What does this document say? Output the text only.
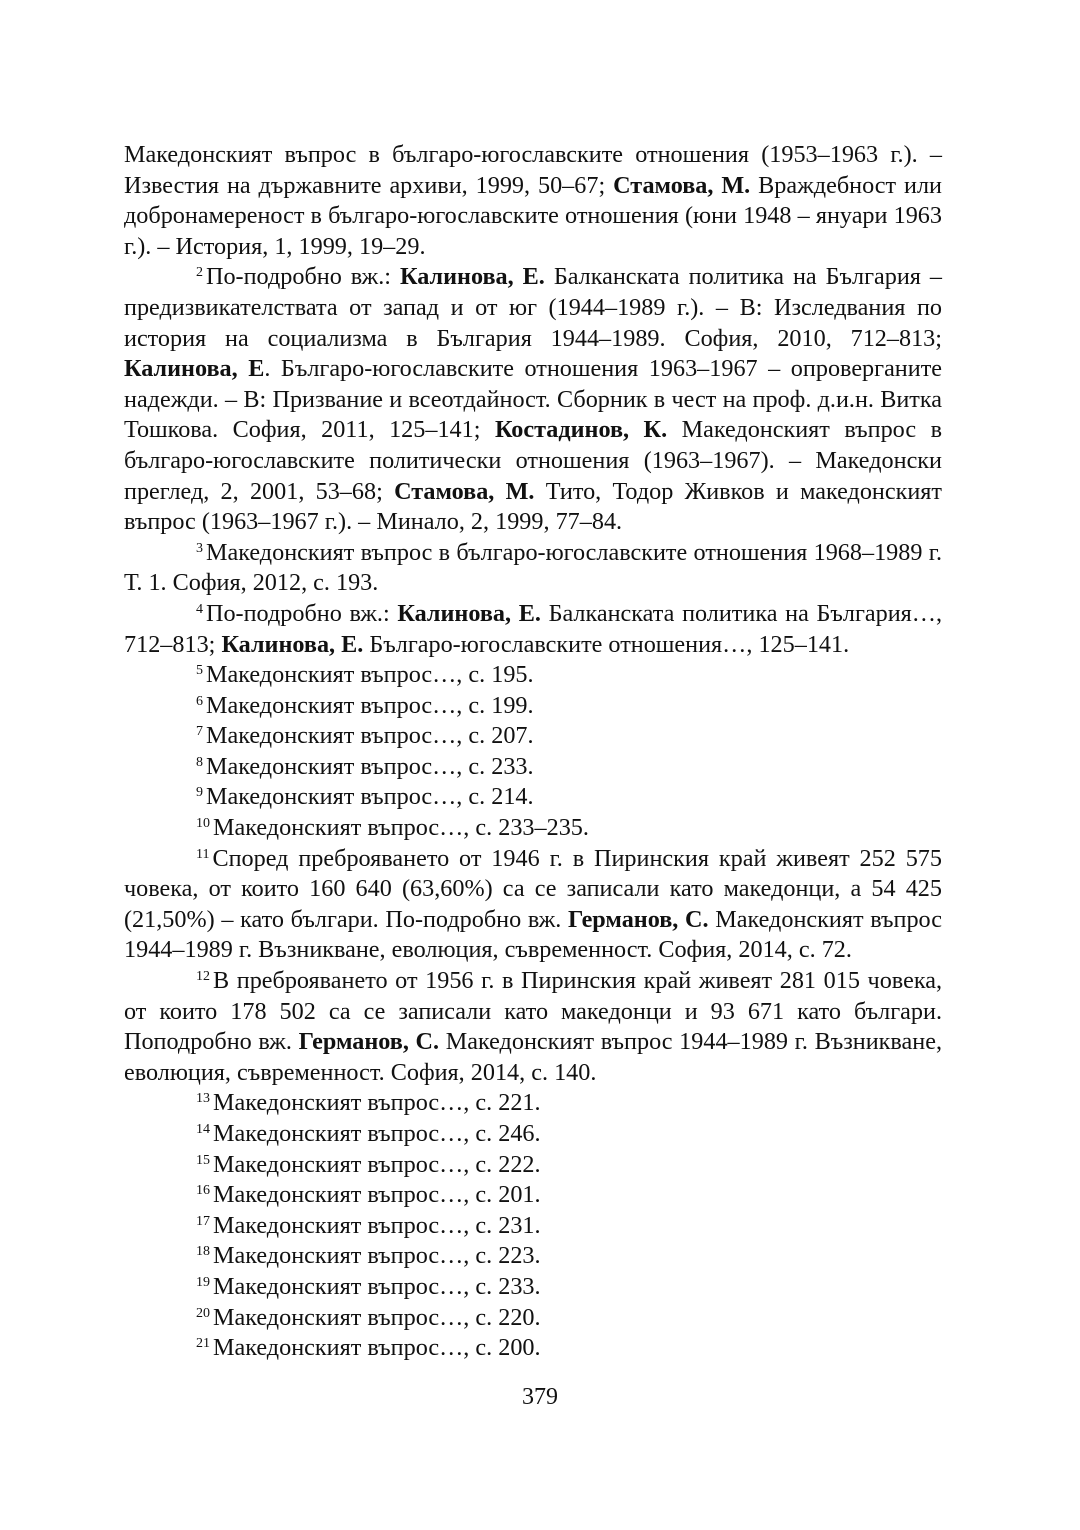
Македонският въпрос в българо-югославските отношения (1953–1963 г.). – Известия на държавните архиви, 1999, 50–67; Стамова, М. Враждебност или добронамереност в българо-югославските отношения (юни 1948 – януари 1963 г.). – История, 1, 1999, 19–29.

$^2$ По-подробно вж.: Калинова, Е. Балканската политика на България – предизвикателствата от запад и от юг (1944–1989 г.). – В: Изследвания по история на социализма в България 1944–1989. София, 2010, 712–813; Калинова, Е. Българо-югославските отношения 1963–1967 – опроверганите надежди. – В: Призвание и всеотдайност. Сборник в чест на проф. д.и.н. Витка Тошкова. София, 2011, 125–141; Костадинов, К. Македонският въпрос в българо-югославските политически отношения (1963–1967). – Македонски преглед, 2, 2001, 53–68; Стамова, М. Тито, Тодор Живков и македонският въпрос (1963–1967 г.). – Минало, 2, 1999, 77–84.

$^3$ Македонският въпрос в българо-югославските отношения 1968–1989 г. Т. 1. София, 2012, с. 193.

$^4$ По-подробно вж.: Калинова, Е. Балканската политика на България…, 712–813; Калинова, Е. Българо-югославските отношения…, 125–141.

$^5$ Македонският въпрос…, с. 195.

$^6$ Македонският въпрос…, с. 199.

$^7$ Македонският въпрос…, с. 207.

$^8$ Македонският въпрос…, с. 233.

$^9$ Македонският въпрос…, с. 214.

$^{10}$ Македонският въпрос…, с. 233–235.

$^{11}$ Според преброяването от 1946 г. в Пиринския край живеят 252 575 човека, от които 160 640 (63,60%) са се записали като македонци, а 54 425 (21,50%) – като българи. По-подробно вж. Германов, С. Македонският въпрос 1944–1989 г. Възникване, еволюция, съвременност. София, 2014, с. 72.

$^{12}$ В преброяването от 1956 г. в Пиринския край живеят 281 015 човека, от които 178 502 са се записали като македонци и 93 671 като българи. Поподробно вж. Германов, С. Македонският въпрос 1944–1989 г. Възникване, еволюция, съвременност. София, 2014, с. 140.

$^{13}$ Македонският въпрос…, с. 221.

$^{14}$ Македонският въпрос…, с. 246.

$^{15}$ Македонският въпрос…, с. 222.

$^{16}$ Македонският въпрос…, с. 201.

$^{17}$ Македонският въпрос…, с. 231.

$^{18}$ Македонският въпрос…, с. 223.

$^{19}$ Македонският въпрос…, с. 233.

$^{20}$ Македонският въпрос…, с. 220.

$^{21}$ Македонският въпрос…, с. 200.

379
